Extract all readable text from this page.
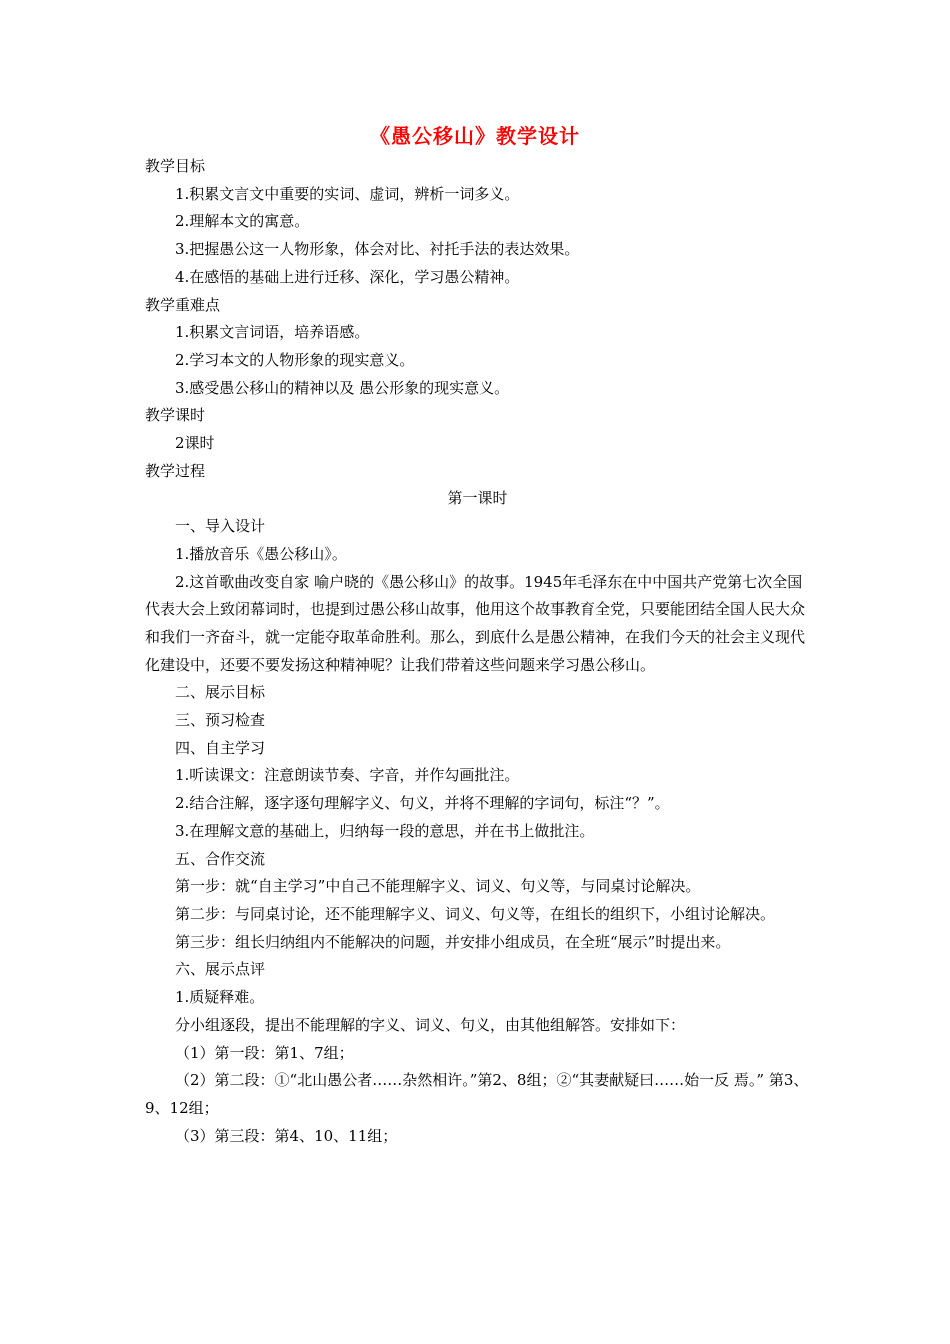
《愚公移山》教学设计

教学目标

1.积累文言文中重要的实词、虚词，辨析一词多义。

2.理解本文的寓意。

3.把握愚公这一人物形象，体会对比、衬托手法的表达效果。

4.在感悟的基础上进行迁移、深化，学习愚公精神。

教学重难点

1.积累文言词语，培养语感。

2.学习本文的人物形象的现实意义。

3.感受愚公移山的精神以及 愚公形象的现实意义。

教学课时

2课时

教学过程

第一课时

一、导入设计

1.播放音乐《愚公移山》。

2.这首歌曲改变自家 喻户晓的《愚公移山》的故事。1945年毛泽东在中中国共产党第七次全国代表大会上致闭幕词时，也提到过愚公移山故事，他用这个故事教育全党，只要能团结全国人民大众和我们一齐奋斗，就一定能夺取革命胜利。那么，到底什么是愚公精神，在我们今天的社会主义现代化建设中，还要不要发扬这种精神呢？让我们带着这些问题来学习愚公移山。

二、展示目标

三、预习检查

四、自主学习

1.听读课文：注意朗读节奏、字音，并作勾画批注。

2.结合注解，逐字逐句理解字义、句义，并将不理解的字词句，标注“？”。

3.在理解文意的基础上，归纳每一段的意思，并在书上做批注。

五、合作交流

第一步：就“自主学习”中自己不能理解字义、词义、句义等，与同桌讨论解决。

第二步：与同桌讨论，还不能理解字义、词义、句义等，在组长的组织下，小组讨论解决。

第三步：组长归纳组内不能解决的问题，并安排小组成员，在全班“展示”时提出来。

六、展示点评

1.质疑释难。

分小组逐段，提出不能理解的字义、词义、句义，由其他组解答。安排如下：

（1）第一段：第1、7组；

（2）第二段：①“北山愚公者……杂然相许。”第2、8组；②“其妻献疑曰……始一反 焉。” 第3、9、12组；

（3）第三段：第4、10、11组；
